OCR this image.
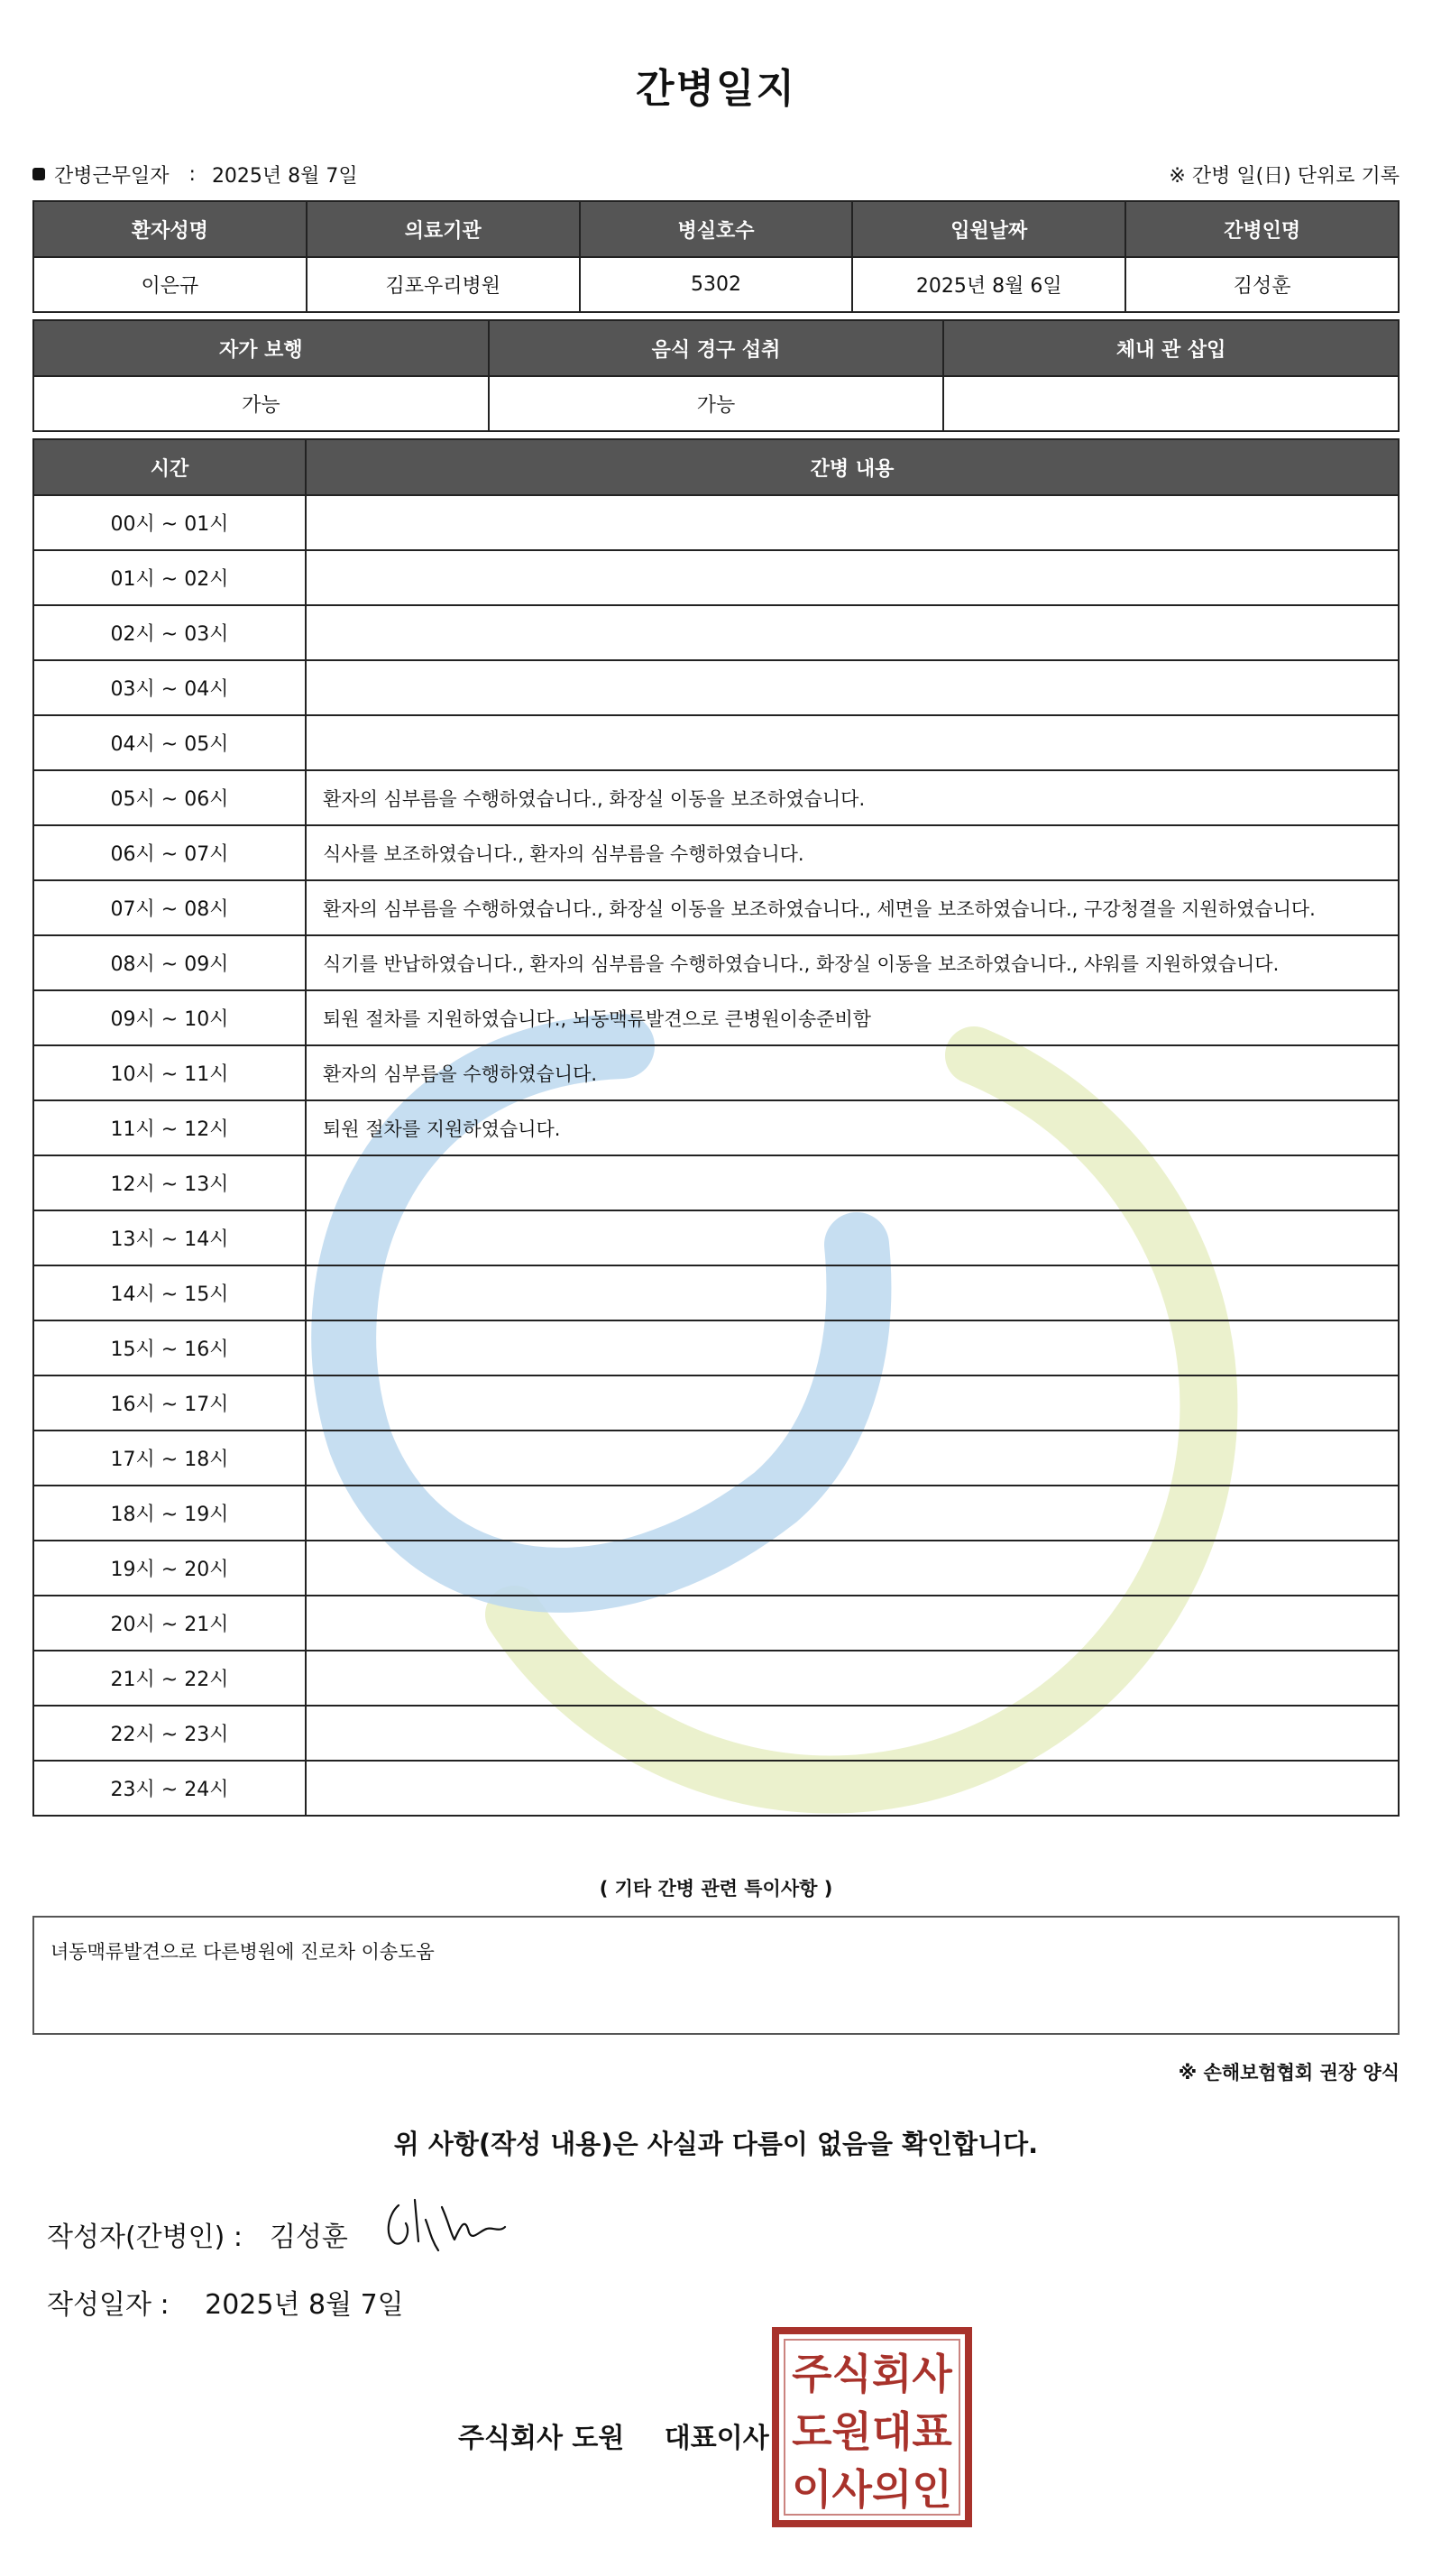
간병일지
간병근무일자 : 2025년 8월 7일	※ 간병 일(日) 단위로 기록
환자성명	의료기관	병실호수	입원날짜	간병인명
이은규	김포우리병원	5302	2025년 8월 6일	김성훈
자가 보행	음식 경구 섭취	체내 관 삽입
가능	가능	
시간	간병 내용
00시 ~ 01시	
01시 ~ 02시	
02시 ~ 03시	
03시 ~ 04시	
04시 ~ 05시	
05시 ~ 06시	환자의 심부름을 수행하였습니다., 화장실 이동을 보조하였습니다.
06시 ~ 07시	식사를 보조하였습니다., 환자의 심부름을 수행하였습니다.
07시 ~ 08시	환자의 심부름을 수행하였습니다., 화장실 이동을 보조하였습니다., 세면을 보조하였습니다., 구강청결을 지원하였습니다.
08시 ~ 09시	식기를 반납하였습니다., 환자의 심부름을 수행하였습니다., 화장실 이동을 보조하였습니다., 샤워를 지원하였습니다.
09시 ~ 10시	퇴원 절차를 지원하였습니다., 뇌동맥류발견으로 큰병원이송준비함
10시 ~ 11시	환자의 심부름을 수행하였습니다.
11시 ~ 12시	퇴원 절차를 지원하였습니다.
12시 ~ 13시	
13시 ~ 14시	
14시 ~ 15시	
15시 ~ 16시	
16시 ~ 17시	
17시 ~ 18시	
18시 ~ 19시	
19시 ~ 20시	
20시 ~ 21시	
21시 ~ 22시	
22시 ~ 23시	
23시 ~ 24시	
( 기타 간병 관련 특이사항 )
녀동맥류발견으로 다른병원에 진로차 이송도움
※ 손해보험협회 권장 양식
위 사항(작성 내용)은 사실과 다름이 없음을 확인합니다.
작성자(간병인) : 김성훈
작성일자 : 2025년 8월 7일
주식회사 도원 대표이사
주식회사
도원대표
이사의인
